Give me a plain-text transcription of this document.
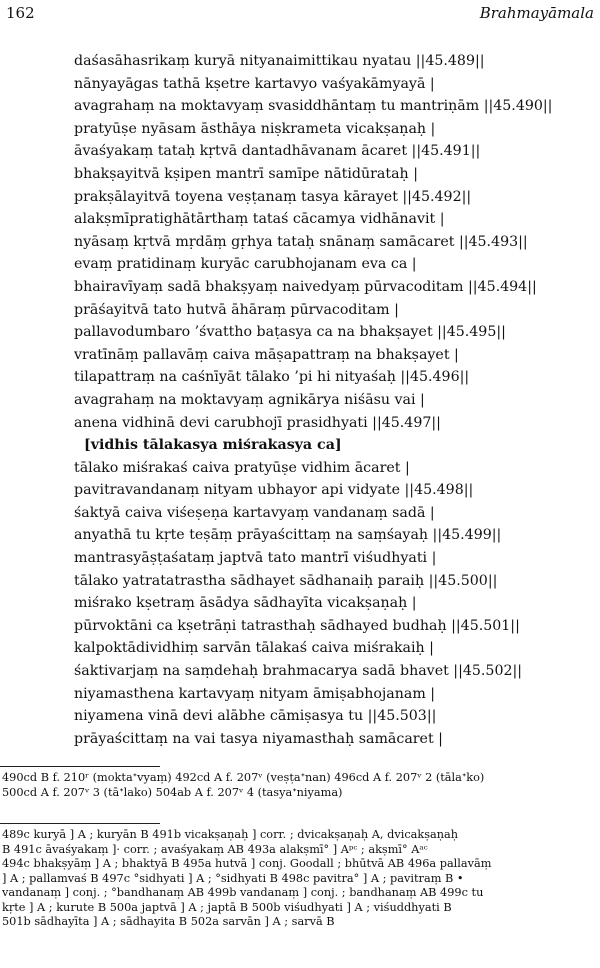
162	Brahmayāmala
daśasāhasrikaṃ kuryā nityanaimittikau nyatau ||45.489||
nānyayāgas tathā kṣetre kartavyo vaśyakāmyayā |
avagrahaṃ na moktavyaṃ svasiddhāntaṃ tu mantriṇām ||45.490||
pratyūṣe nyāsam āsthāya niṣkrameta vicakṣaṇaḥ |
āvaśyakaṃ tataḥ kṛtvā dantadhāvanam ācaret ||45.491||
bhakṣayitvā kṣipen mantrī samīpe nātidūrataḥ |
prakṣālayitvā toyena veṣṭanaṃ tasya kārayet ||45.492||
alakṣmīpratighātārthaṃ tataś cācamya vidhānavit |
nyāsaṃ kṛtvā mṛdāṃ gṛhya tataḥ snānaṃ samācaret ||45.493||
evaṃ pratidinaṃ kuryāc carubhojanam eva ca |
bhairavīyaṃ sadā bhakṣyaṃ naivedyaṃ pūrvacoditam ||45.494||
prāśayitvā tato hutvā āhāraṃ pūrvacoditam |
pallavodumbaro ’śvattho baṭasya ca na bhakṣayet ||45.495||
vratīnāṃ pallavāṃ caiva māṣapattraṃ na bhakṣayet |
tilapattraṃ na caśnīyāt tālako ’pi hi nityaśaḥ ||45.496||
avagrahaṃ na moktavyaṃ agnikārya niśāsu vai |
anena vidhinā devi carubhojī prasidhyati ||45.497||
[vidhis tālakasya miśrakasya ca]
tālako miśrakaś caiva pratyūṣe vidhim ācaret |
pavitravandanaṃ nityam ubhayor api vidyate ||45.498||
śaktyā caiva viśeṣeṇa kartavyaṃ vandanaṃ sadā |
anyathā tu kṛte teṣāṃ prāyaścittaṃ na saṃśayaḥ ||45.499||
mantrasyāṣṭaśataṃ japtvā tato mantrī viśudhyati |
tālako yatratatrastha sādhayet sādhanaiḥ paraiḥ ||45.500||
miśrako kṣetraṃ āsādya sādhayīta vicakṣaṇaḥ |
pūrvoktāni ca kṣetrāṇi tatrasthaḥ sādhayed budhaḥ ||45.501||
kalpoktādividhiṃ sarvān tālakaś caiva miśrakaiḥ |
śaktivarjaṃ na saṃdehaḥ brahmacarya sadā bhavet ||45.502||
niyamasthena kartavyaṃ nityam āmiṣabhojanam |
niyamena vinā devi alābhe cāmiṣasya tu ||45.503||
prāyaścittaṃ na vai tasya niyamasthaḥ samācaret |
490cd B f. 210ʳ (moktaᐩvyaṃ) 492cd A f. 207ᵛ (veṣṭaᐩnan) 496cd A f. 207ᵛ 2 (tālaᐩko)
500cd A f. 207ᵛ 3 (tāᐩlako) 504ab A f. 207ᵛ 4 (tasyaᐩniyama)
489c kuryā ] A ; kuryān B 491b vicakṣaṇaḥ ] corr. ; dvicakṣaṇaḥ A, dvicakṣaṇaḥ
B 491c āvaśyakaṃ ]· corr. ; avaśyakaṃ AB 493a alakṣmī° ] Aᵖᶜ ; akṣmī° Aᵃᶜ
494c bhakṣyāṃ ] A ; bhaktyā B 495a hutvā ] conj. Goodall ; bhūtvā AB 496a pallavāṃ
] A ; pallamvaś B 497c °sidhyati ] A ; °sidhyati B 498c pavitra° ] A ; pavitraṃ B •
vandanaṃ ] conj. ; °bandhanaṃ AB 499b vandanaṃ ] conj. ; bandhanaṃ AB 499c tu
kṛte ] A ; kurute B 500a japtvā ] A ; japtā B 500b viśudhyati ] A ; viśuddhyati B
501b sādhayīta ] A ; sādhayita B 502a sarvān ] A ; sarvā B
